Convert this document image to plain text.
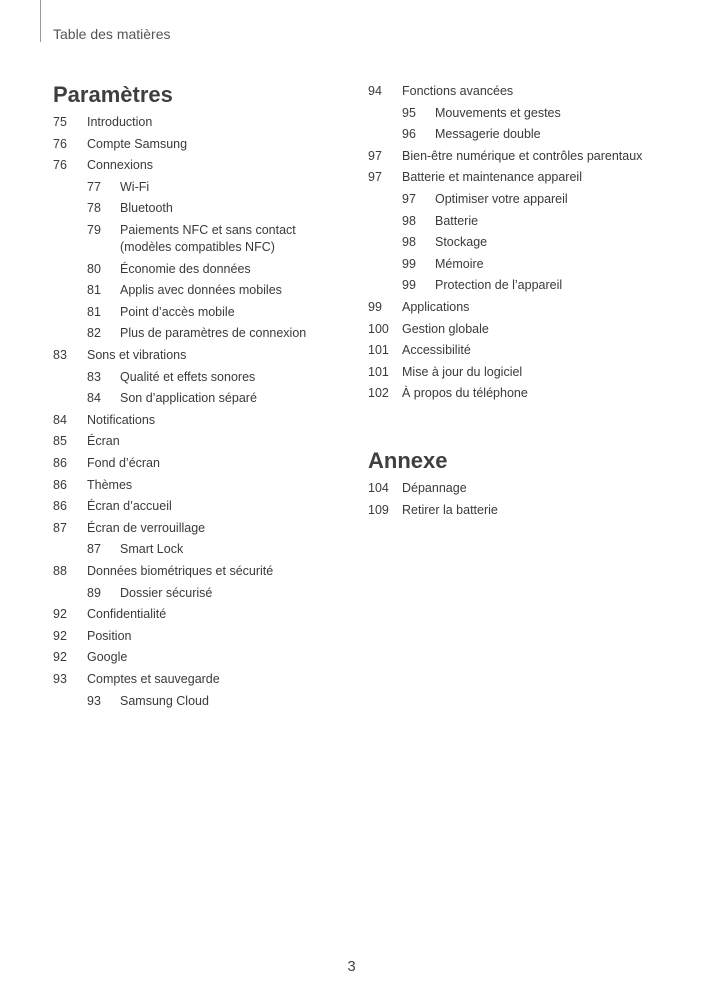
Table des matières
Paramètres
75 Introduction
76 Compte Samsung
76 Connexions
77 Wi-Fi
78 Bluetooth
79 Paiements NFC et sans contact
(modèles compatibles NFC)
80 Économie des données
81 Applis avec données mobiles
81 Point d’accès mobile
82 Plus de paramètres de connexion
83 Sons et vibrations
83 Qualité et effets sonores
84 Son d’application séparé
84 Notifications
85 Écran
86 Fond d’écran
86 Thèmes
86 Écran d’accueil
87 Écran de verrouillage
87 Smart Lock
88 Données biométriques et sécurité
89 Dossier sécurisé
92 Confidentialité
92 Position
92 Google
93 Comptes et sauvegarde
93 Samsung Cloud
Annexe
94 Fonctions avancées
95 Mouvements et gestes
96 Messagerie double
97 Bien-être numérique et contrôles parentaux
97 Batterie et maintenance appareil
97 Optimiser votre appareil
98 Batterie
98 Stockage
99 Mémoire
99 Protection de l’appareil
99 Applications
100 Gestion globale
101 Accessibilité
101 Mise à jour du logiciel
102 À propos du téléphone
104 Dépannage
109 Retirer la batterie
3
